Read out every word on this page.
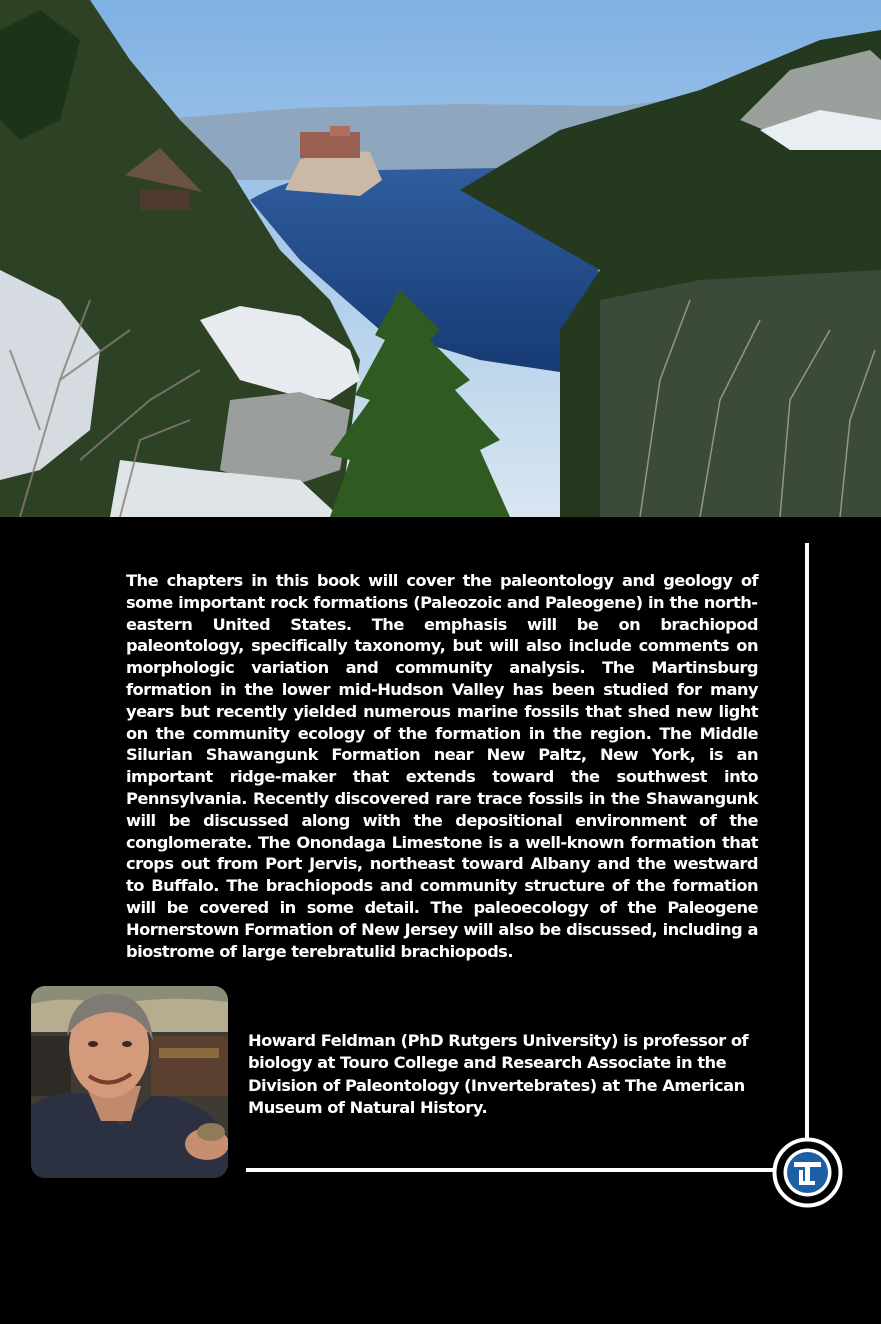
The chapters in this book will cover the paleontology and geology of some important rock formations (Paleozoic and Paleogene) in the northeastern United States. The emphasis will be on brachiopod paleontology, specifically taxonomy, but will also include comments on morphologic variation and community analysis. The Martinsburg formation in the lower mid-Hudson Valley has been studied for many years but recently yielded numerous marine fossils that shed new light on the community ecology of the formation in the region. The Middle Silurian Shawangunk Formation near New Paltz, New York, is an important ridge-maker that extends toward the southwest into Pennsylvania. Recently discovered rare trace fossils in the Shawangunk will be discussed along with the depositional environment of the conglomerate. The Onondaga Limestone is a well-known formation that crops out from Port Jervis, northeast toward Albany and the westward to Buffalo. The brachiopods and community structure of the formation will be covered in some detail. The paleoecology of the Paleogene Hornerstown Formation of New Jersey will also be discussed, including a biostrome of large terebratulid brachiopods.

Howard Feldman (PhD Rutgers University) is professor of biology at Touro College and Research Associate in the Division of Paleontology (Invertebrates) at The American Museum of Natural History.
